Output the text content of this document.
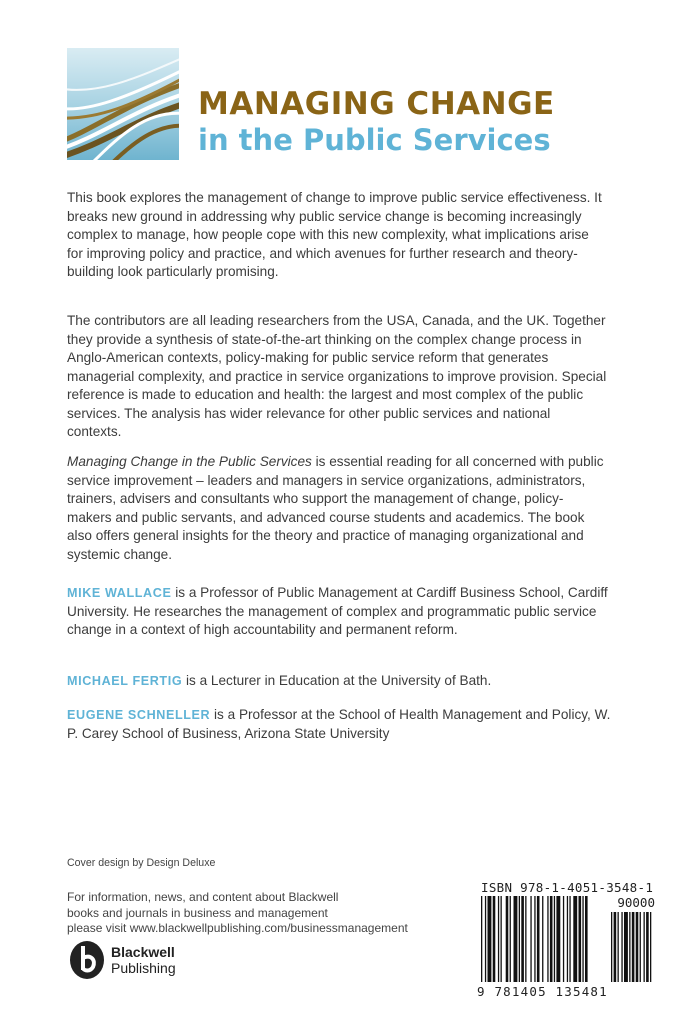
MANAGING CHANGE
in the Public Services
This book explores the management of change to improve public service effectiveness. It breaks new ground in addressing why public service change is becoming increasingly complex to manage, how people cope with this new complexity, what implications arise for improving policy and practice, and which avenues for further research and theory-building look particularly promising.
The contributors are all leading researchers from the USA, Canada, and the UK. Together they provide a synthesis of state-of-the-art thinking on the complex change process in Anglo-American contexts, policy-making for public service reform that generates managerial complexity, and practice in service organizations to improve provision. Special reference is made to education and health: the largest and most complex of the public services. The analysis has wider relevance for other public services and national contexts.
Managing Change in the Public Services is essential reading for all concerned with public service improvement – leaders and managers in service organizations, administrators, trainers, advisers and consultants who support the management of change, policy-makers and public servants, and advanced course students and academics. The book also offers general insights for the theory and practice of managing organizational and systemic change.
MIKE WALLACE is a Professor of Public Management at Cardiff Business School, Cardiff University. He researches the management of complex and programmatic public service change in a context of high accountability and permanent reform.
MICHAEL FERTIG is a Lecturer in Education at the University of Bath.
EUGENE SCHNELLER is a Professor at the School of Health Management and Policy, W. P. Carey School of Business, Arizona State University
Cover design by Design Deluxe
For information, news, and content about Blackwell
books and journals in business and management
please visit www.blackwellpublishing.com/businessmanagement
Blackwell
Publishing
ISBN 978-1-4051-3548-1
90000
9 781405 135481
